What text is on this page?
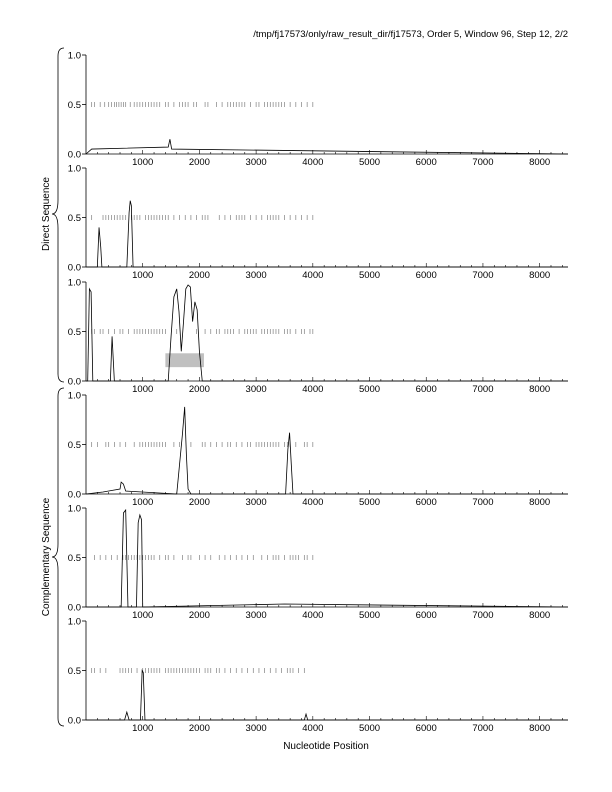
/tmp/fj17573/only/raw_result_dir/fj17573, Order 5, Window 96, Step 12, 2/2
0.0
0.5
1.0
1000	2000	3000	4000	5000	6000	7000	8000
0.0
0.5
1.0
1000	2000	3000	4000	5000	6000	7000	8000
0.0
0.5
1.0
1000	2000	3000	4000	5000	6000	7000	8000
0.0
0.5
1.0
1000	2000	3000	4000	5000	6000	7000	8000
0.0
0.5
1.0
1000	2000	3000	4000	5000	6000	7000	8000
0.0
0.5
1.0
1000	2000	3000	4000	5000	6000	7000	8000
Direct Sequence
Complementary Sequence
Nucleotide Position
